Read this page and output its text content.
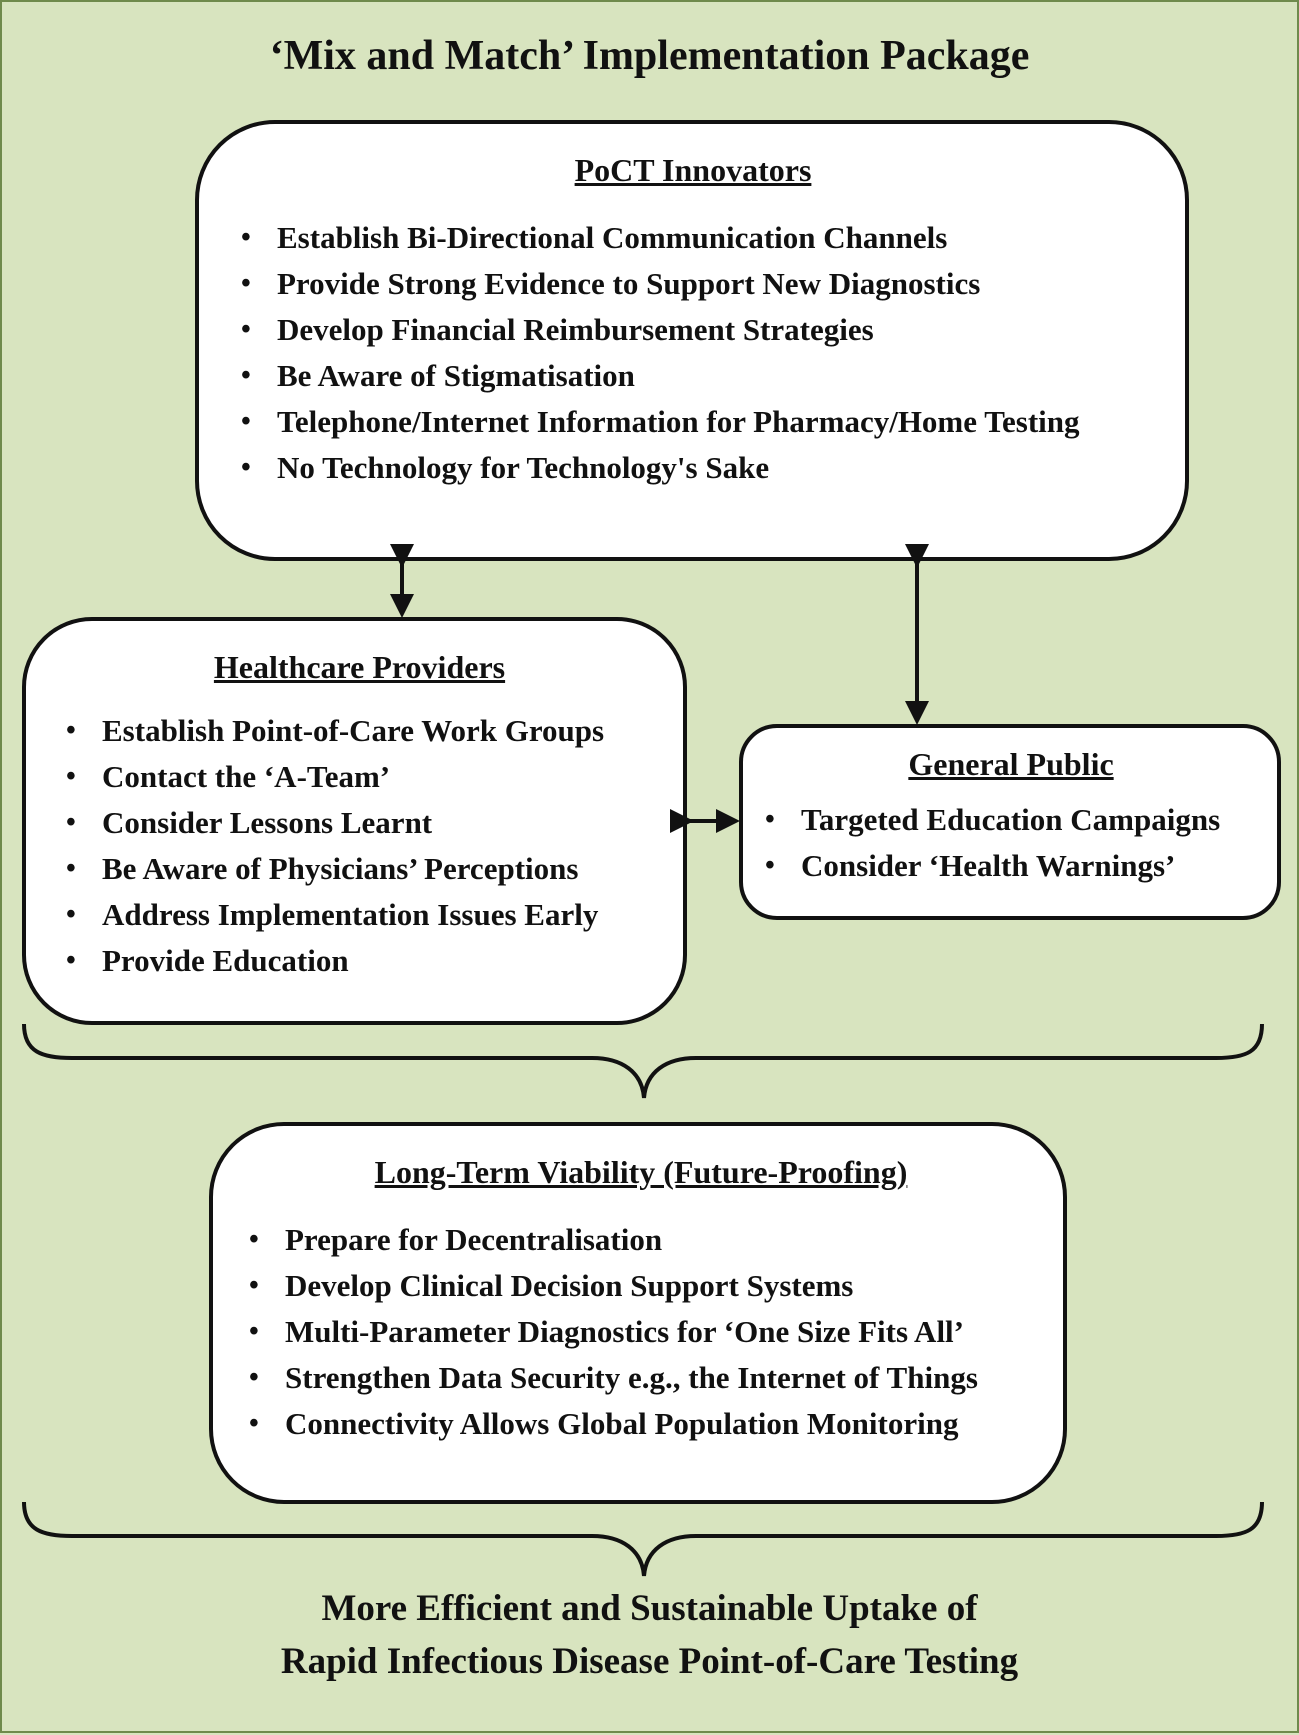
‘Mix and Match’ Implementation Package
PoCT Innovators
• Establish Bi-Directional Communication Channels
• Provide Strong Evidence to Support New Diagnostics
• Develop Financial Reimbursement Strategies
• Be Aware of Stigmatisation
• Telephone/Internet Information for Pharmacy/Home Testing
• No Technology for Technology's Sake
Healthcare Providers
• Establish Point-of-Care Work Groups
• Contact the ‘A-Team’
• Consider Lessons Learnt
• Be Aware of Physicians’ Perceptions
• Address Implementation Issues Early
• Provide Education
General Public
• Targeted Education Campaigns
• Consider ‘Health Warnings’
Long-Term Viability (Future-Proofing)
• Prepare for Decentralisation
• Develop Clinical Decision Support Systems
• Multi-Parameter Diagnostics for ‘One Size Fits All’
• Strengthen Data Security e.g., the Internet of Things
• Connectivity Allows Global Population Monitoring
More Efficient and Sustainable Uptake of
Rapid Infectious Disease Point-of-Care Testing
